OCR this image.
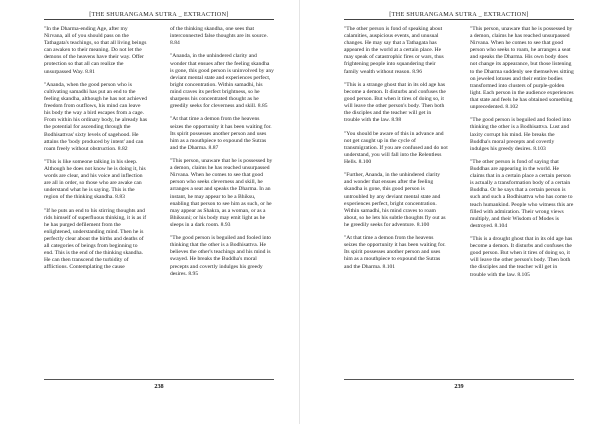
[THE SHURANGAMA SUTRA _ EXTRACTION]

"In the Dharma-ending Age, after my Nirvana, all of you should pass on the Tathagata's teachings, so that all living beings can awaken to their meaning. Do not let the demons of the heavens have their way. Offer protection so that all can realize the unsurpassed Way. 8.81

"Ananda, when the good person who is cultivating samadhi has put an end to the feeling skandha, although he has not achieved freedom from outflows, his mind can leave his body the way a bird escapes from a cage. From within his ordinary body, he already has the potential for ascending through the Bodhisattvas' sixty levels of sagehood. He attains the 'body produced by intent' and can roam freely without obstruction. 8.82

"This is like someone talking in his sleep. Although he does not know he is doing it, his words are clear, and his voice and inflection are all in order, so those who are awake can understand what he is saying. This is the region of the thinking skandha. 8.83

"If he puts an end to his stirring thoughts and rids himself of superfluous thinking, it is as if he has purged defilement from the enlightened, understanding mind. Then he is perfectly clear about the births and deaths of all categories of beings from beginning to end. This is the end of the thinking skandha. He can then transcend the turbidity of afflictions. Contemplating the cause

of the thinking skandha, one sees that interconnected false thoughts are its source. 8.84

"Ananda, in the unhindered clarity and wonder that ensues after the feeling skandha is gone, this good person is uninvolved by any deviant mental state and experiences perfect, bright concentration. Within samadhi, his mind craves its perfect brightness, so he sharpens his concentrated thought as he greedily seeks for cleverness and skill. 8.85

"At that time a demon from the heavens seizes the opportunity it has been waiting for. Its spirit possesses another person and uses him as a mouthpiece to expound the Sutras and the Dharma. 8.87

"This person, unaware that he is possessed by a demon, claims he has reached unsurpassed Nirvana. When he comes to see that good person who seeks cleverness and skill, he arranges a seat and speaks the Dharma. In an instant, he may appear to be a Bhiksu, enabling that person to see him as such, or he may appear as Shakra, as a woman, or as a Bhiksuni; or his body may emit light as he sleeps in a dark room. 8.93

"The good person is beguiled and fooled into thinking that the other is a Bodhisattva. He believes the other's teachings and his mind is swayed. He breaks the Buddha's moral precepts and covertly indulges his greedy desires. 8.95

238
[THE SHURANGAMA SUTRA _ EXTRACTION]

"The other person is fond of speaking about calamities, auspicious events, and unusual changes. He may say that a Tathagata has appeared in the world at a certain place. He may speak of catastrophic fires or wars, thus frightening people into squandering their family wealth without reason. 8.96

"This is a strange ghost that in its old age has become a demon. It disturbs and confuses the good person. But when it tires of doing so, it will leave the other person's body. Then both the disciples and the teacher will get in trouble with the law. 8.98

"You should be aware of this in advance and not get caught up in the cycle of transmigration. If you are confused and do not understand, you will fall into the Relentless Hells. 8.100

"Further, Ananda, in the unhindered clarity and wonder that ensues after the feeling skandha is gone, this good person is untroubled by any deviant mental state and experiences perfect, bright concentration. Within samadhi, his mind craves to roam about, so he lets his subtle thoughts fly out as he greedily seeks for adventure. 8.100

"At that time a demon from the heavens seizes the opportunity it has been waiting for. Its spirit possesses another person and uses him as a mouthpiece to expound the Sutras and the Dharma. 8.101

"This person, unaware that he is possessed by a demon, claims he has reached unsurpassed Nirvana. When he comes to see that good person who seeks to roam, he arranges a seat and speaks the Dharma. His own body does not change its appearance, but those listening to the Dharma suddenly see themselves sitting on jeweled lotuses and their entire bodies transformed into clusters of purple-golden light. Each person in the audience experiences that state and feels he has obtained something unprecedented. 8.102

"The good person is beguiled and fooled into thinking the other is a Bodhisattva. Lust and laxity corrupt his mind. He breaks the Buddha's moral precepts and covertly indulges his greedy desires. 8.103

"The other person is fond of saying that Buddhas are appearing in the world. He claims that in a certain place a certain person is actually a transformation body of a certain Buddha. Or he says that a certain person is such and such a Bodhisattva who has come to teach humankind. People who witness this are filled with admiration. Their wrong views multiply, and their Wisdom of Modes is destroyed. 8.104

"This is a drought ghost that in its old age has become a demon. It disturbs and confuses the good person. But when it tires of doing so, it will leave the other person's body. Then both the disciples and the teacher will get in trouble with the law. 8.105

239
